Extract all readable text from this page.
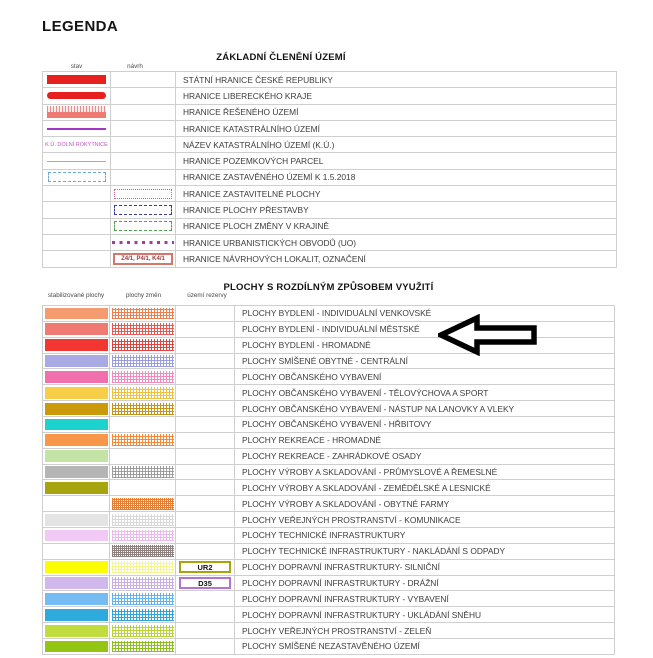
LEGENDA
ZÁKLADNÍ ČLENĚNÍ ÚZEMÍ
stav	návrh
STÁTNÍ HRANICE ČESKÉ REPUBLIKY
HRANICE LIBERECKÉHO KRAJE
HRANICE ŘEŠENÉHO ÚZEMÍ
HRANICE KATASTRÁLNÍHO ÚZEMÍ
K.Ú. DOLNÍ ROKYTNICE	NÁZEV KATASTRÁLNÍHO ÚZEMÍ (K.Ú.)
HRANICE POZEMKOVÝCH PARCEL
HRANICE ZASTAVĚNÉHO ÚZEMÍ K 1.5.2018
HRANICE ZASTAVITELNÉ PLOCHY
HRANICE PLOCHY PŘESTAVBY
HRANICE PLOCH ZMĚNY V KRAJINĚ
HRANICE URBANISTICKÝCH OBVODŮ (UO)
Z4/1, P4/1, K4/1	HRANICE NÁVRHOVÝCH LOKALIT, OZNAČENÍ
PLOCHY S ROZDÍLNÝM ZPŮSOBEM VYUŽITÍ
stabilizované plochy	plochy změn	území rezervy
PLOCHY BYDLENÍ - INDIVIDUÁLNÍ VENKOVSKÉ
PLOCHY BYDLENÍ - INDIVIDUÁLNÍ MĚSTSKÉ
PLOCHY BYDLENÍ - HROMADNÉ
PLOCHY SMÍŠENÉ OBYTNÉ - CENTRÁLNÍ
PLOCHY OBČANSKÉHO VYBAVENÍ
PLOCHY OBČANSKÉHO VYBAVENÍ - TĚLOVÝCHOVA A SPORT
PLOCHY OBČANSKÉHO VYBAVENÍ - NÁSTUP NA LANOVKY A VLEKY
PLOCHY OBČANSKÉHO VYBAVENÍ - HŘBITOVY
PLOCHY REKREACE - HROMADNÉ
PLOCHY REKREACE - ZAHRÁDKOVÉ OSADY
PLOCHY VÝROBY A SKLADOVÁNÍ - PRŮMYSLOVÉ A ŘEMESLNÉ
PLOCHY VÝROBY A SKLADOVÁNÍ - ZEMĚDĚLSKÉ A LESNICKÉ
PLOCHY VÝROBY A SKLADOVÁNÍ - OBYTNÉ FARMY
PLOCHY VEŘEJNÝCH PROSTRANSTVÍ - KOMUNIKACE
PLOCHY TECHNICKÉ INFRASTRUKTURY
PLOCHY TECHNICKÉ INFRASTRUKTURY - NAKLÁDÁNÍ S ODPADY
UR2	PLOCHY DOPRAVNÍ INFRASTRUKTURY- SILNIČNÍ
D35	PLOCHY DOPRAVNÍ INFRASTRUKTURY - DRÁŽNÍ
PLOCHY DOPRAVNÍ INFRASTRUKTURY - VYBAVENÍ
PLOCHY DOPRAVNÍ INFRASTRUKTURY - UKLÁDÁNÍ SNĚHU
PLOCHY VEŘEJNÝCH PROSTRANSTVÍ - ZELEŇ
PLOCHY SMÍŠENÉ NEZASTAVĚNÉHO ÚZEMÍ
